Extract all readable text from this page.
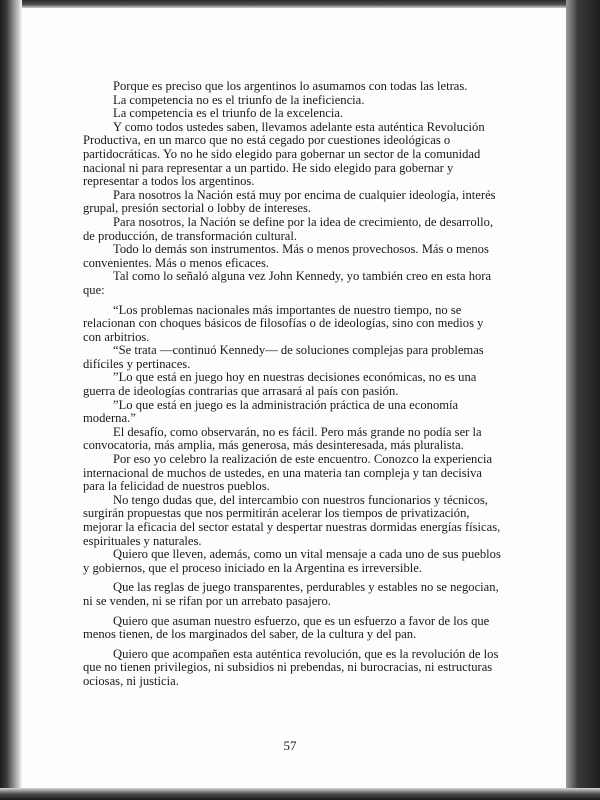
Porque es preciso que los argentinos lo asumamos con todas las letras.

La competencia no es el triunfo de la ineficiencia.

La competencia es el triunfo de la excelencia.

Y como todos ustedes saben, llevamos adelante esta auténtica Revolución Productiva, en un marco que no está cegado por cuestiones ideológicas o partidocráticas. Yo no he sido elegido para gobernar un sector de la comunidad nacional ni para representar a un partido. He sido elegido para gobernar y representar a todos los argentinos.

Para nosotros la Nación está muy por encima de cualquier ideología, interés grupal, presión sectorial o lobby de intereses.

Para nosotros, la Nación se define por la idea de crecimiento, de desarrollo, de producción, de transformación cultural.

Todo lo demás son instrumentos. Más o menos provechosos. Más o menos convenientes. Más o menos eficaces.

Tal como lo señaló alguna vez John Kennedy, yo también creo en esta hora que:

“Los problemas nacionales más importantes de nuestro tiempo, no se relacionan con choques básicos de filosofías o de ideologías, sino con medios y con arbitrios.

“Se trata —continuó Kennedy— de soluciones complejas para problemas difíciles y pertinaces.

”Lo que está en juego hoy en nuestras decisiones económicas, no es una guerra de ideologías contrarias que arrasará al país con pasión.

”Lo que está en juego es la administración práctica de una economía moderna.”

El desafío, como observarán, no es fácil. Pero más grande no podía ser la convocatoria, más amplia, más generosa, más desinteresada, más pluralista.

Por eso yo celebro la realización de este encuentro. Conozco la experiencia internacional de muchos de ustedes, en una materia tan compleja y tan decisiva para la felicidad de nuestros pueblos.

No tengo dudas que, del intercambio con nuestros funcionarios y técnicos, surgirán propuestas que nos permitirán acelerar los tiempos de privatización, mejorar la eficacia del sector estatal y despertar nuestras dormidas energías físicas, espirituales y naturales.

Quiero que lleven, además, como un vital mensaje a cada uno de sus pueblos y gobiernos, que el proceso iniciado en la Argentina es irreversible.

Que las reglas de juego transparentes, perdurables y estables no se negocian, ni se venden, ni se rifan por un arrebato pasajero.

Quiero que asuman nuestro esfuerzo, que es un esfuerzo a favor de los que menos tienen, de los marginados del saber, de la cultura y del pan.

Quiero que acompañen esta auténtica revolución, que es la revolución de los que no tienen privilegios, ni subsidios ni prebendas, ni burocracias, ni estructuras ociosas, ni justicia.

57
